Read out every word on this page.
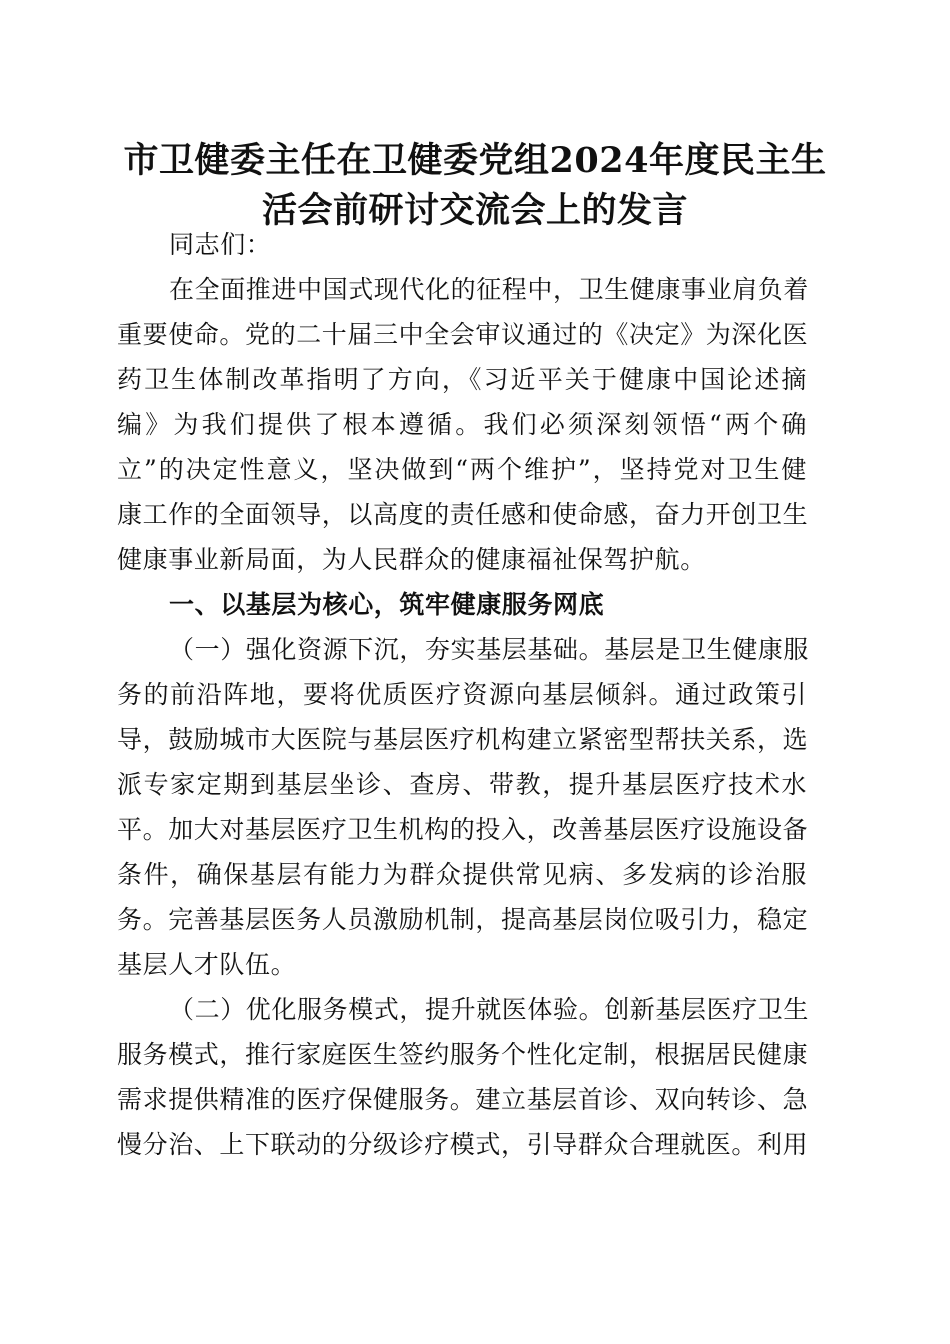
市卫健委主任在卫健委党组2024年度民主生
活会前研讨交流会上的发言
同志们：
在全面推进中国式现代化的征程中，卫生健康事业肩负着
重要使命。党的二十届三中全会审议通过的《决定》为深化医
药卫生体制改革指明了方向，《习近平关于健康中国论述摘
编》为我们提供了根本遵循。我们必须深刻领悟“两个确
立”的决定性意义，坚决做到“两个维护”，坚持党对卫生健
康工作的全面领导，以高度的责任感和使命感，奋力开创卫生
健康事业新局面，为人民群众的健康福祉保驾护航。
一、以基层为核心，筑牢健康服务网底
（一）强化资源下沉，夯实基层基础。基层是卫生健康服
务的前沿阵地，要将优质医疗资源向基层倾斜。通过政策引
导，鼓励城市大医院与基层医疗机构建立紧密型帮扶关系，选
派专家定期到基层坐诊、查房、带教，提升基层医疗技术水
平。加大对基层医疗卫生机构的投入，改善基层医疗设施设备
条件，确保基层有能力为群众提供常见病、多发病的诊治服
务。完善基层医务人员激励机制，提高基层岗位吸引力，稳定
基层人才队伍。
（二）优化服务模式，提升就医体验。创新基层医疗卫生
服务模式，推行家庭医生签约服务个性化定制，根据居民健康
需求提供精准的医疗保健服务。建立基层首诊、双向转诊、急
慢分治、上下联动的分级诊疗模式，引导群众合理就医。利用
